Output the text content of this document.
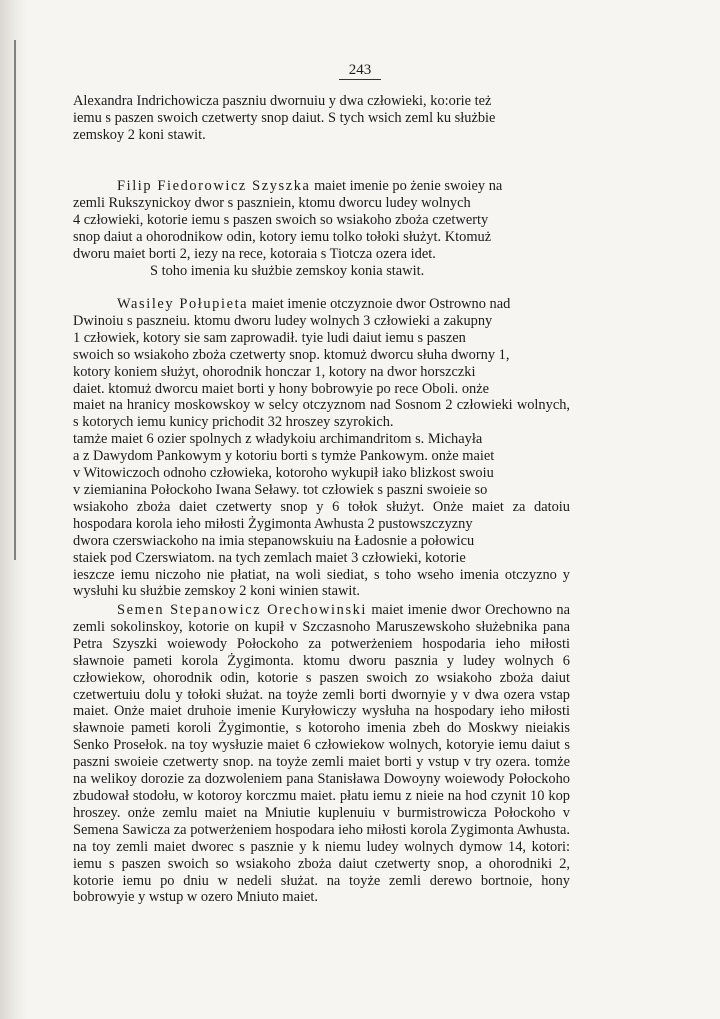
243

Alexandra Indrichowicza paszniu dwornuiu y dwa człowieki, ko:orie też

iemu s paszen swoich czetwerty snop daiut. S tych wsich zeml ku służbie

zemskoy 2 koni stawit.

Filip Fiedorowicz Szyszka maiet imenie po żenie swoiey na

zemli Rukszynickoy dwor s paszniein, ktomu dworcu ludey wolnych

4 człowieki, kotorie iemu s paszen swoich so wsiakoho zboża czetwerty

snop daiut a ohorodnikow odin, kotory iemu tolko tołoki służyt. Ktomuż

dworu maiet borti 2, iezy na rece, kotoraia s Tiotcza ozera idet.

S toho imenia ku służbie zemskoy konia stawit.

Wasiley Połupieta maiet imenie otczyznoie dwor Ostrowno nad

Dwinoiu s paszneiu. ktomu dworu ludey wolnych 3 człowieki a zakupny

1 człowiek, kotory sie sam zaprowadił. tyie ludi daiut iemu s paszen

swoich so wsiakoho zboża czetwerty snop. ktomuż dworcu słuha dworny 1,

kotory koniem służyt, ohorodnik honczar 1, kotory na dwor horszczki

daiet. ktomuż dworcu maiet borti y hony bobrowyie po rece Oboli. onże

maiet na hranicy moskowskoy w selcy otczyznom nad Sosnom 2 człowieki wolnych, s kotorych iemu kunicy prichodit 32 hroszey szyrokich.

tamże maiet 6 ozier spolnych z władykoiu archimandritom s. Michayła

a z Dawydom Pankowym y kotoriu borti s tymże Pankowym. onże maiet

v Witowiczoch odnoho człowieka, kotoroho wykupił iako blizkost swoiu

v ziemianina Połockoho Iwana Seławy. tot człowiek s paszni swoieie so

wsiakoho zboża daiet czetwerty snop y 6 tołok służyt. Onże maiet za datoiu hospodara korola ieho miłosti Żygimonta Awhusta 2 pustowszczyzny

dwora czerswiackoho na imia stepanowskuiu na Ładosnie a połowicu

staiek pod Czerswiatom. na tych zemlach maiet 3 człowieki, kotorie

ieszcze iemu niczoho nie płatiat, na woli siediat, s toho wseho imenia otczyzno y wysłuhi ku służbie zemskoy 2 koni winien stawit.

Semen Stepanowicz Orechowinski maiet imenie dwor Orechowno na zemli sokolinskoy, kotorie on kupił v Szczasnoho Maruszewskoho służebnika pana Petra Szyszki woiewody Połockoho za potwerżeniem hospodaria ieho miłosti sławnoie pameti korola Żygimonta. ktomu dworu pasznia y ludey wolnych 6 człowiekow, ohorodnik odin, kotorie s paszen swoich zo wsiakoho zboża daiut czetwertuiu dolu y tołoki służat. na toyże zemli borti dwornyie y v dwa ozera vstap maiet. Onże maiet druhoie imenie Kuryłowiczy wysłuha na hospodary ieho miłosti sławnoie pameti koroli Żygimontie, s kotoroho imenia zbeh do Moskwy nieiakis Senko Prosełok. na toy wysłuzie maiet 6 człowiekow wolnych, kotoryie iemu daiut s paszni swoieie czetwerty snop. na toyże zemli maiet borti y vstup v try ozera. tomże na welikoy dorozie za dozwoleniem pana Stanisława Dowoyny woiewody Połockoho zbudował stodołu, w kotoroy korczmu maiet. płatu iemu z nieie na hod czynit 10 kop hroszey. onże zemlu maiet na Mniutie kuplenuiu v burmistrowicza Połockoho v Semena Sawicza za potwerżeniem hospodara ieho miłosti korola Zygimonta Awhusta. na toy zemli maiet dworec s pasznie y k niemu ludey wolnych dymow 14, kotori: iemu s paszen swoich so wsiakoho zboża daiut czetwerty snop, a ohorodniki 2, kotorie iemu po dniu w nedeli służat. na toyże zemli derewo bortnoie, hony bobrowyie y wstup w ozero Mniuto maiet.
